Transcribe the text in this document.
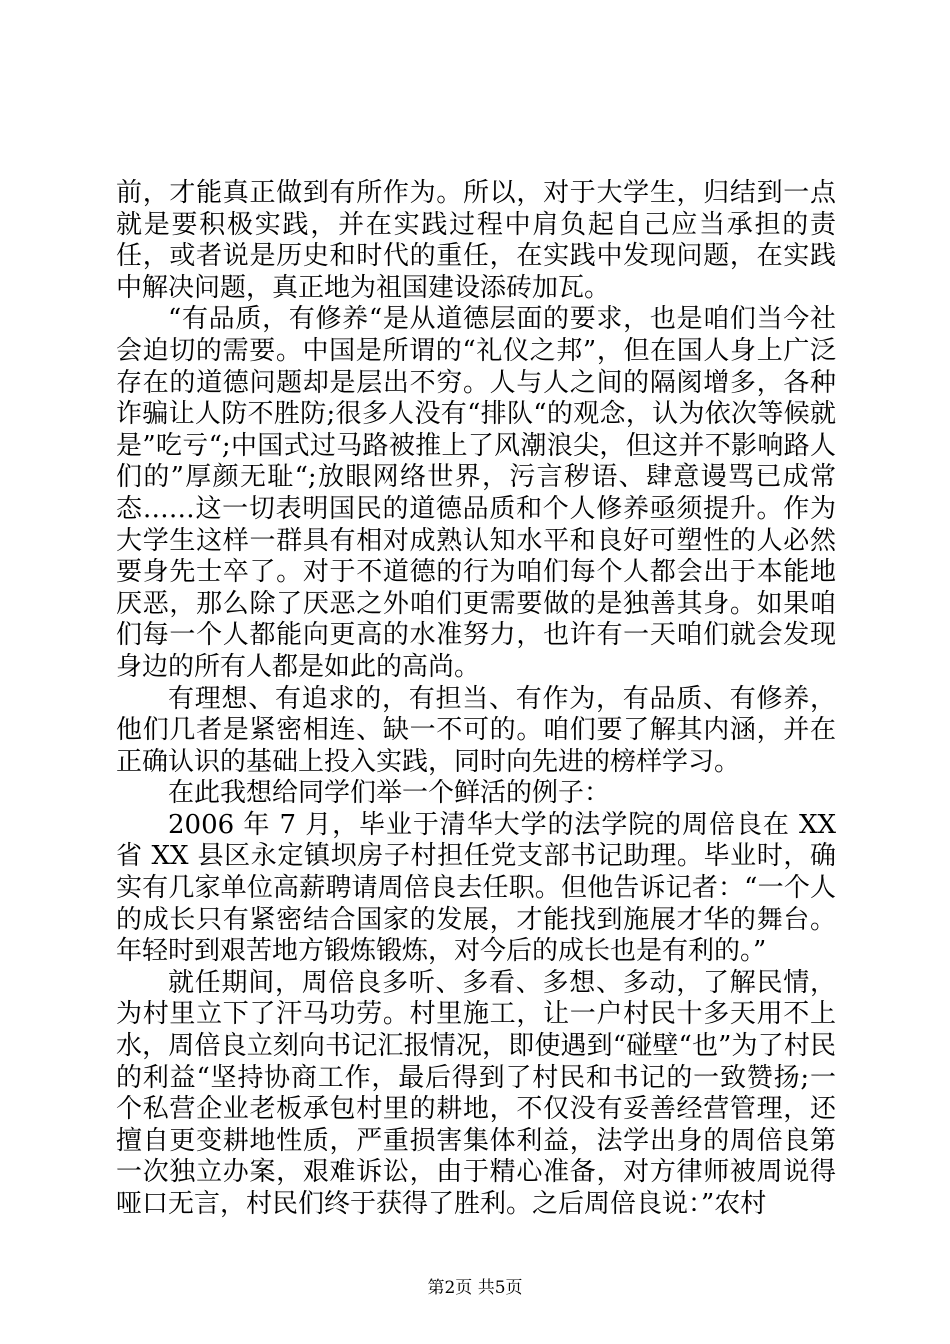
前，才能真正做到有所作为。所以，对于大学生，归结到一点就是要积极实践，并在实践过程中肩负起自己应当承担的责任，或者说是历史和时代的重任，在实践中发现问题，在实践中解决问题，真正地为祖国建设添砖加瓦。

“有品质，有修养“是从道德层面的要求，也是咱们当今社会迫切的需要。中国是所谓的“礼仪之邦”，但在国人身上广泛存在的道德问题却是层出不穷。人与人之间的隔阂增多，各种诈骗让人防不胜防;很多人没有“排队“的观念，认为依次等候就是”吃亏“;中国式过马路被推上了风潮浪尖，但这并不影响路人们的”厚颜无耻“;放眼网络世界，污言秽语、肆意谩骂已成常态……这一切表明国民的道德品质和个人修养亟须提升。作为大学生这样一群具有相对成熟认知水平和良好可塑性的人必然要身先士卒了。对于不道德的行为咱们每个人都会出于本能地厌恶，那么除了厌恶之外咱们更需要做的是独善其身。如果咱们每一个人都能向更高的水准努力，也许有一天咱们就会发现身边的所有人都是如此的高尚。

有理想、有追求的，有担当、有作为，有品质、有修养，他们几者是紧密相连、缺一不可的。咱们要了解其内涵，并在正确认识的基础上投入实践，同时向先进的榜样学习。

在此我想给同学们举一个鲜活的例子：

2006 年 7 月，毕业于清华大学的法学院的周倍良在 XX 省 XX 县区永定镇坝房子村担任党支部书记助理。毕业时，确实有几家单位高薪聘请周倍良去任职。但他告诉记者：“一个人的成长只有紧密结合国家的发展，才能找到施展才华的舞台。年轻时到艰苦地方锻炼锻炼，对今后的成长也是有利的。”

就任期间，周倍良多听、多看、多想、多动，了解民情，为村里立下了汗马功劳。村里施工，让一户村民十多天用不上水，周倍良立刻向书记汇报情况，即使遇到“碰壁“也”为了村民的利益“坚持协商工作，最后得到了村民和书记的一致赞扬;一个私营企业老板承包村里的耕地，不仅没有妥善经营管理，还擅自更变耕地性质，严重损害集体利益，法学出身的周倍良第一次独立办案，艰难诉讼，由于精心准备，对方律师被周说得哑口无言，村民们终于获得了胜利。之后周倍良说：”农村

第2页 共5页
